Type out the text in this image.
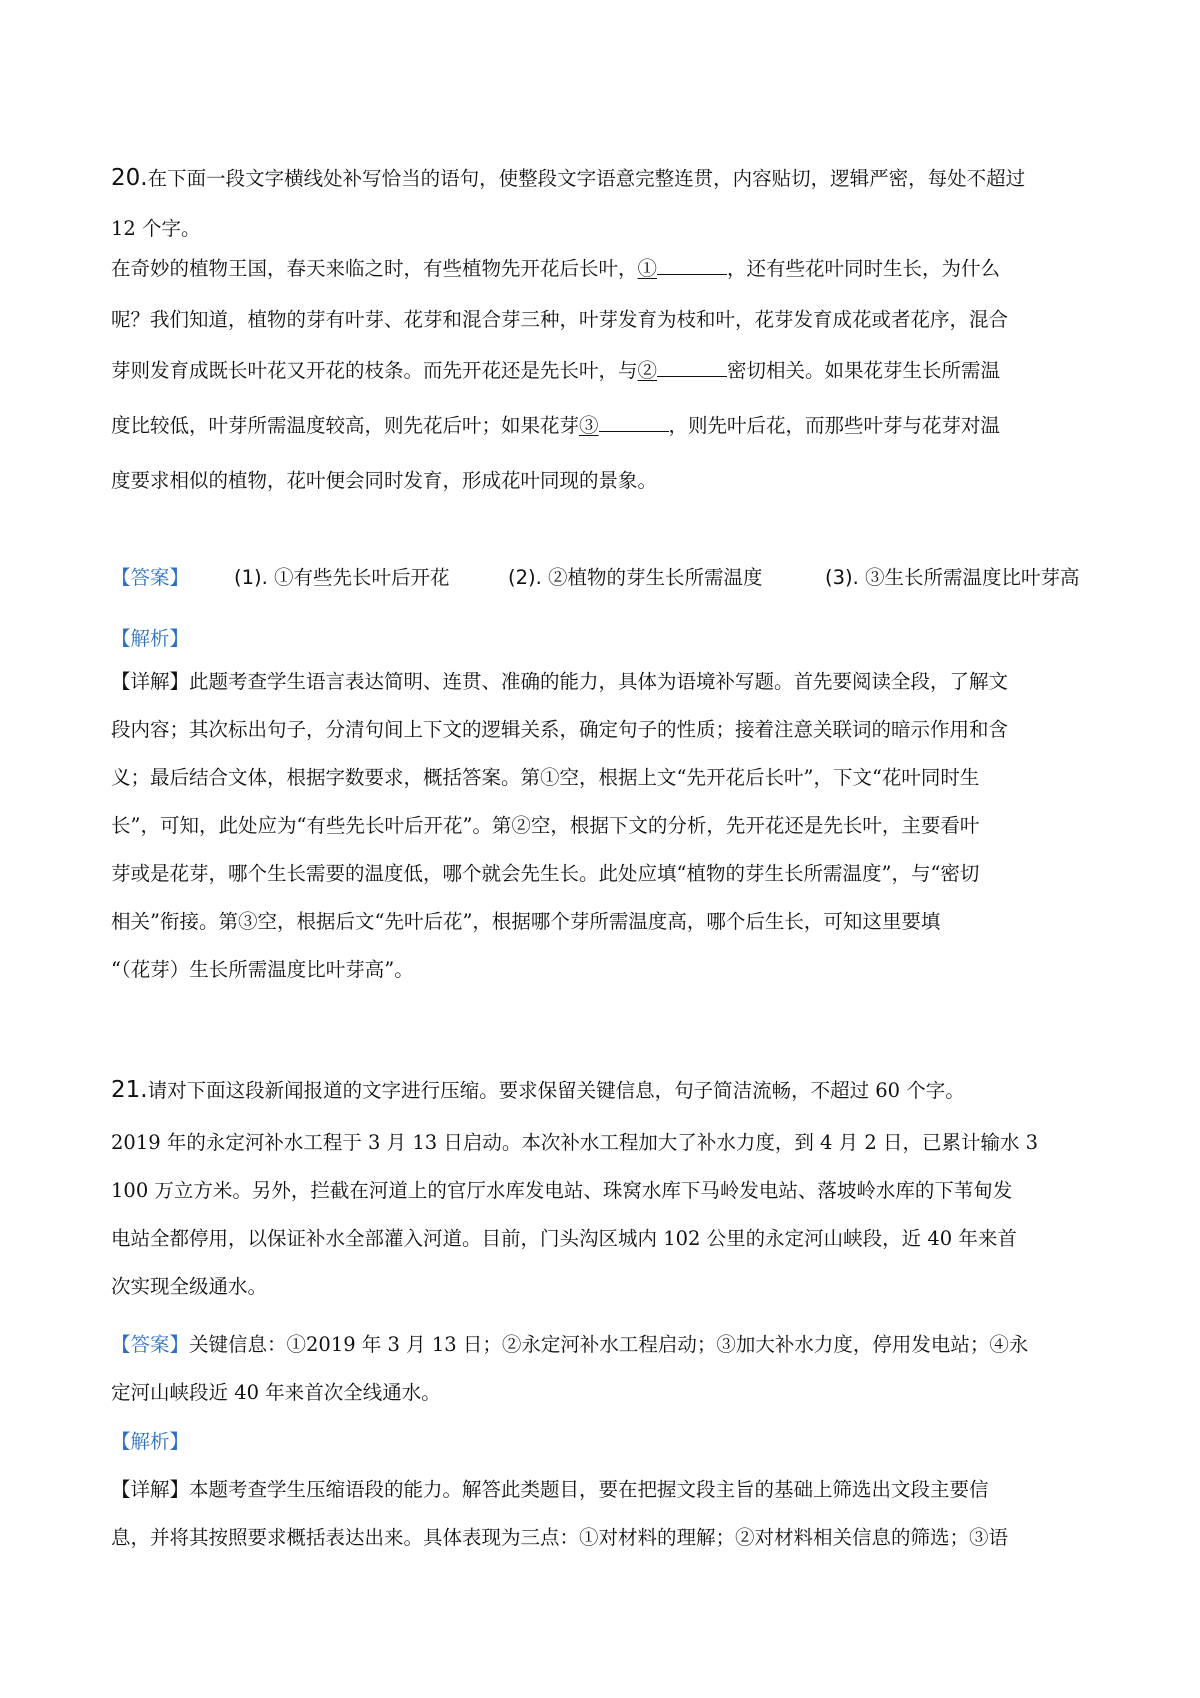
20.在下面一段文字横线处补写恰当的语句，使整段文字语意完整连贯，内容贴切，逻辑严密，每处不超过

12 个字。

在奇妙的植物王国，春天来临之时，有些植物先开花后长叶，①	，还有些花叶同时生长，为什么

呢？我们知道，植物的芽有叶芽、花芽和混合芽三种，叶芽发育为枝和叶，花芽发育成花或者花序，混合

芽则发育成既长叶花又开花的枝条。而先开花还是先长叶，与②	密切相关。如果花芽生长所需温

度比较低，叶芽所需温度较高，则先花后叶；如果花芽③	，则先叶后花，而那些叶芽与花芽对温

度要求相似的植物，花叶便会同时发育，形成花叶同现的景象。

【答案】	(1). ①有些先长叶后开花	(2). ②植物的芽生长所需温度	(3). ③生长所需温度比叶芽高

【解析】

【详解】此题考查学生语言表达简明、连贯、准确的能力，具体为语境补写题。首先要阅读全段，了解文

段内容；其次标出句子，分清句间上下文的逻辑关系，确定句子的性质；接着注意关联词的暗示作用和含

义；最后结合文体，根据字数要求，概括答案。第①空，根据上文“先开花后长叶”，下文“花叶同时生

长”，可知，此处应为“有些先长叶后开花”。第②空，根据下文的分析，先开花还是先长叶，主要看叶

芽或是花芽，哪个生长需要的温度低，哪个就会先生长。此处应填“植物的芽生长所需温度”，与“密切

相关”衔接。第③空，根据后文“先叶后花”，根据哪个芽所需温度高，哪个后生长，可知这里要填

“（花芽）生长所需温度比叶芽高”。

21.请对下面这段新闻报道的文字进行压缩。要求保留关键信息，句子简洁流畅，不超过 60 个字。

2019 年的永定河补水工程于 3 月 13 日启动。本次补水工程加大了补水力度，到 4 月 2 日，已累计输水 3

100 万立方米。另外，拦截在河道上的官厅水库发电站、珠窝水库下马岭发电站、落坡岭水库的下苇甸发

电站全都停用，以保证补水全部灌入河道。目前，门头沟区城内 102 公里的永定河山峡段，近 40 年来首

次实现全级通水。

【答案】关键信息：①2019 年 3 月 13 日；②永定河补水工程启动；③加大补水力度，停用发电站；④永

定河山峡段近 40 年来首次全线通水。

【解析】

【详解】本题考查学生压缩语段的能力。解答此类题目，要在把握文段主旨的基础上筛选出文段主要信

息，并将其按照要求概括表达出来。具体表现为三点：①对材料的理解；②对材料相关信息的筛选；③语
